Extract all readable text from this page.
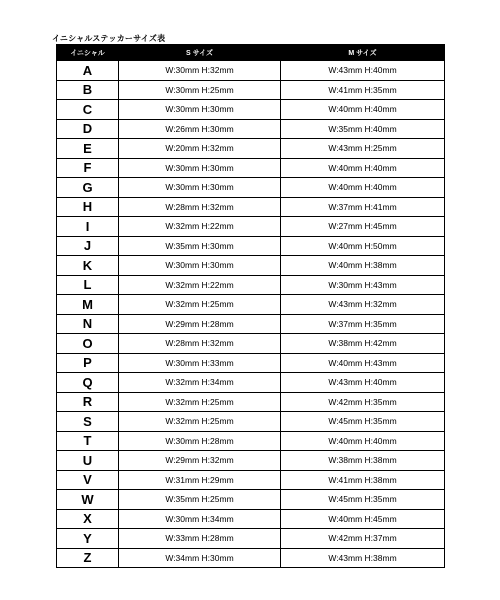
イニシャルステッカーサイズ表
イニシャル	S サイズ	M サイズ
A	W:30mm H:32mm	W:43mm H:40mm
B	W:30mm H:25mm	W:41mm H:35mm
C	W:30mm H:30mm	W:40mm H:40mm
D	W:26mm H:30mm	W:35mm H:40mm
E	W:20mm H:32mm	W:43mm H:25mm
F	W:30mm H:30mm	W:40mm H:40mm
G	W:30mm H:30mm	W:40mm H:40mm
H	W:28mm H:32mm	W:37mm H:41mm
I	W:32mm H:22mm	W:27mm H:45mm
J	W:35mm H:30mm	W:40mm H:50mm
K	W:30mm H:30mm	W:40mm H:38mm
L	W:32mm H:22mm	W:30mm H:43mm
M	W:32mm H:25mm	W:43mm H:32mm
N	W:29mm H:28mm	W:37mm H:35mm
O	W:28mm H:32mm	W:38mm H:42mm
P	W:30mm H:33mm	W:40mm H:43mm
Q	W:32mm H:34mm	W:43mm H:40mm
R	W:32mm H:25mm	W:42mm H:35mm
S	W:32mm H:25mm	W:45mm H:35mm
T	W:30mm H:28mm	W:40mm H:40mm
U	W:29mm H:32mm	W:38mm H:38mm
V	W:31mm H:29mm	W:41mm H:38mm
W	W:35mm H:25mm	W:45mm H:35mm
X	W:30mm H:34mm	W:40mm H:45mm
Y	W:33mm H:28mm	W:42mm H:37mm
Z	W:34mm H:30mm	W:43mm H:38mm
